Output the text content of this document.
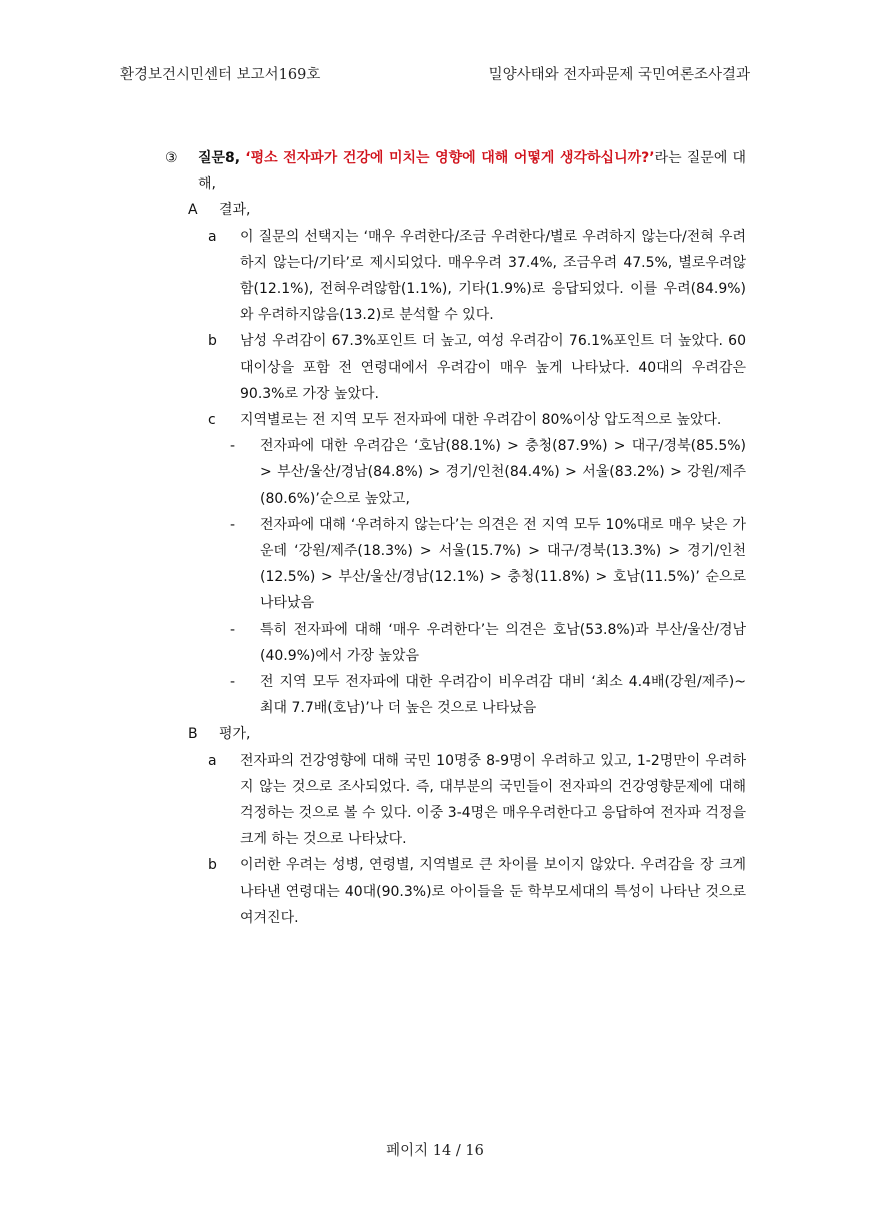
환경보건시민센터 보고서169호	밀양사태와 전자파문제 국민여론조사결과
③ 질문8, ‘평소 전자파가 건강에 미치는 영향에 대해 어떻게 생각하십니까?’라는 질문에 대해,
A 결과,
a 이 질문의 선택지는 ‘매우 우려한다/조금 우려한다/별로 우려하지 않는다/전혀 우려하지 않는다/기타’로 제시되었다. 매우우려 37.4%, 조금우려 47.5%, 별로우려않함(12.1%), 전혀우려않함(1.1%), 기타(1.9%)로 응답되었다. 이를 우려(84.9%)와 우려하지않음(13.2)로 분석할 수 있다.
b 남성 우려감이 67.3%포인트 더 높고, 여성 우려감이 76.1%포인트 더 높았다. 60대이상을 포함 전 연령대에서 우려감이 매우 높게 나타났다. 40대의 우려감은 90.3%로 가장 높았다.
c 지역별로는 전 지역 모두 전자파에 대한 우려감이 80%이상 압도적으로 높았다.
- 전자파에 대한 우려감은 ‘호남(88.1%) > 충청(87.9%) > 대구/경북(85.5%) > 부산/울산/경남(84.8%) > 경기/인천(84.4%) > 서울(83.2%) > 강원/제주(80.6%)’순으로 높았고,
- 전자파에 대해 ‘우려하지 않는다’는 의견은 전 지역 모두 10%대로 매우 낮은 가운데 ‘강원/제주(18.3%) > 서울(15.7%) > 대구/경북(13.3%) > 경기/인천(12.5%) > 부산/울산/경남(12.1%) > 충청(11.8%) > 호남(11.5%)’ 순으로 나타났음
- 특히 전자파에 대해 ‘매우 우려한다’는 의견은 호남(53.8%)과 부산/울산/경남(40.9%)에서 가장 높았음
- 전 지역 모두 전자파에 대한 우려감이 비우려감 대비 ‘최소 4.4배(강원/제주)~최대 7.7배(호남)’나 더 높은 것으로 나타났음
B 평가,
a 전자파의 건강영향에 대해 국민 10명중 8-9명이 우려하고 있고, 1-2명만이 우려하지 않는 것으로 조사되었다. 즉, 대부분의 국민들이 전자파의 건강영향문제에 대해 걱정하는 것으로 볼 수 있다. 이중 3-4명은 매우우려한다고 응답하여 전자파 걱정을 크게 하는 것으로 나타났다.
b 이러한 우려는 성병, 연령별, 지역별로 큰 차이를 보이지 않았다. 우려감을 장 크게 나타낸 연령대는 40대(90.3%)로 아이들을 둔 학부모세대의 특성이 나타난 것으로 여겨진다.
페이지 14 / 16
